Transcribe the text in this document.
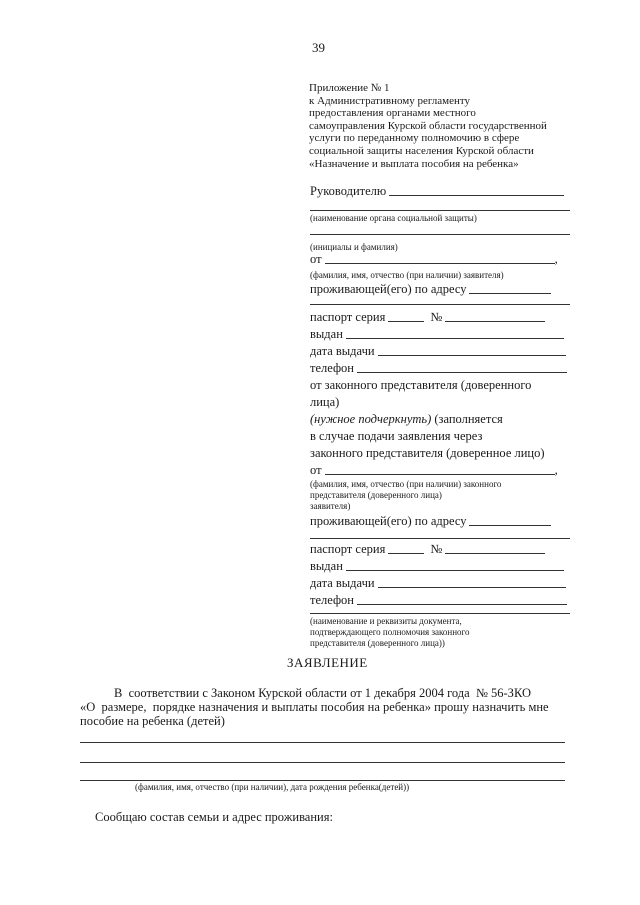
39
Приложение № 1
к Административному регламенту
предоставления органами местного
самоуправления Курской области государственной
услуги по переданному полномочию в сфере
социальной защиты населения Курской области
«Назначение и выплата пособия на ребенка»
Руководителю
(наименование органа социальной защиты)
(инициалы и фамилия)
от	,
(фамилия, имя, отчество (при наличии) заявителя)
проживающей(его) по адресу
паспорт серия	№
выдан
дата выдачи
телефон
от законного представителя (доверенного
лица)
(нужное подчеркнуть) (заполняется
в случае подачи заявления через
законного представителя (доверенное лицо)
от	,
(фамилия, имя, отчество (при наличии) законного
представителя (доверенного лица)
заявителя)
проживающей(его) по адресу
паспорт серия	№
выдан
дата выдачи
телефон
(наименование и реквизиты документа,
подтверждающего полномочия законного
представителя (доверенного лица))
ЗАЯВЛЕНИЕ
В  соответствии с Законом Курской области от 1 декабря 2004 года  № 56-ЗКО
«О  размере,  порядке назначения и выплаты пособия на ребенка» прошу назначить мне
пособие на ребенка (детей)
(фамилия, имя, отчество (при наличии), дата рождения ребенка(детей))
Сообщаю состав семьи и адрес проживания:
